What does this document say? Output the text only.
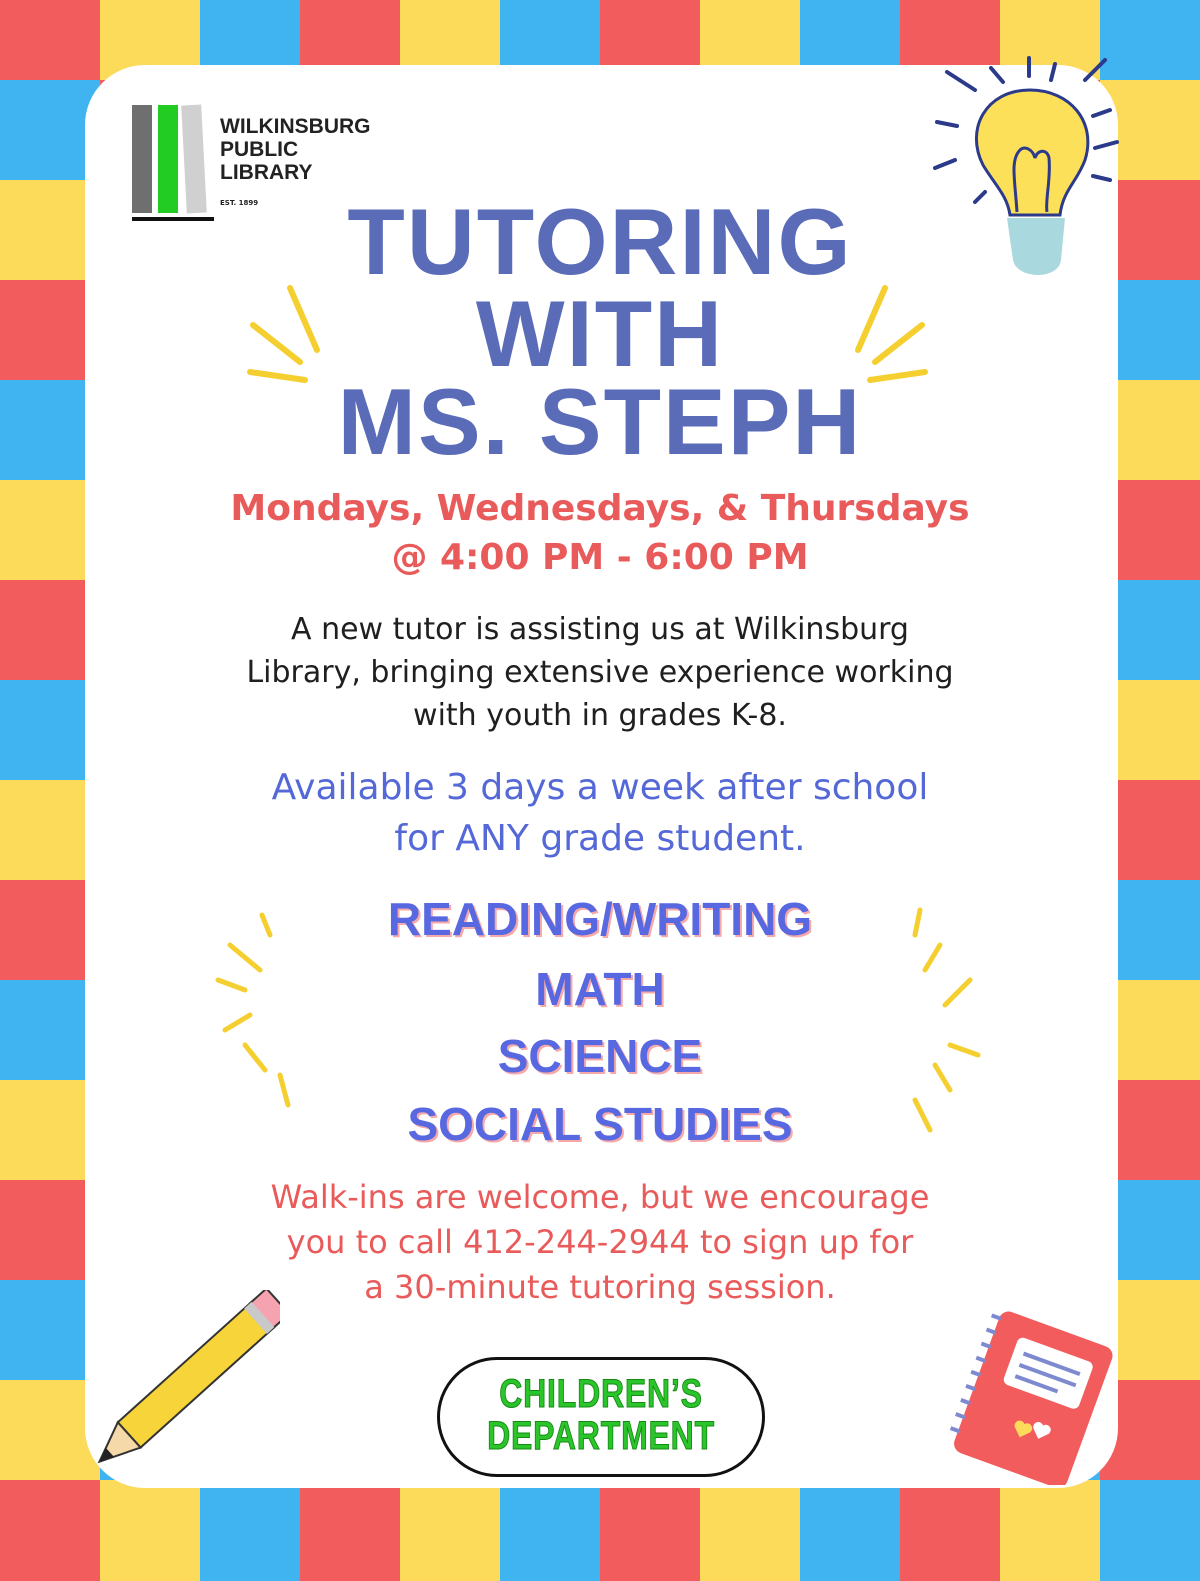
WILKINSBURG
PUBLIC
LIBRARY
EST. 1899 TUTORING
WITH
MS. STEPH
Mondays, Wednesdays, & Thursdays
@ 4:00 PM - 6:00 PM
A new tutor is assisting us at Wilkinsburg
Library, bringing extensive experience working
with youth in grades K-8.
Available 3 days a week after school
for ANY grade student.
READING/WRITING
MATH
SCIENCE
SOCIAL STUDIES
Walk-ins are welcome, but we encourage
you to call 412-244-2944 to sign up for
a 30-minute tutoring session.
CHILDREN’S
DEPARTMENT
